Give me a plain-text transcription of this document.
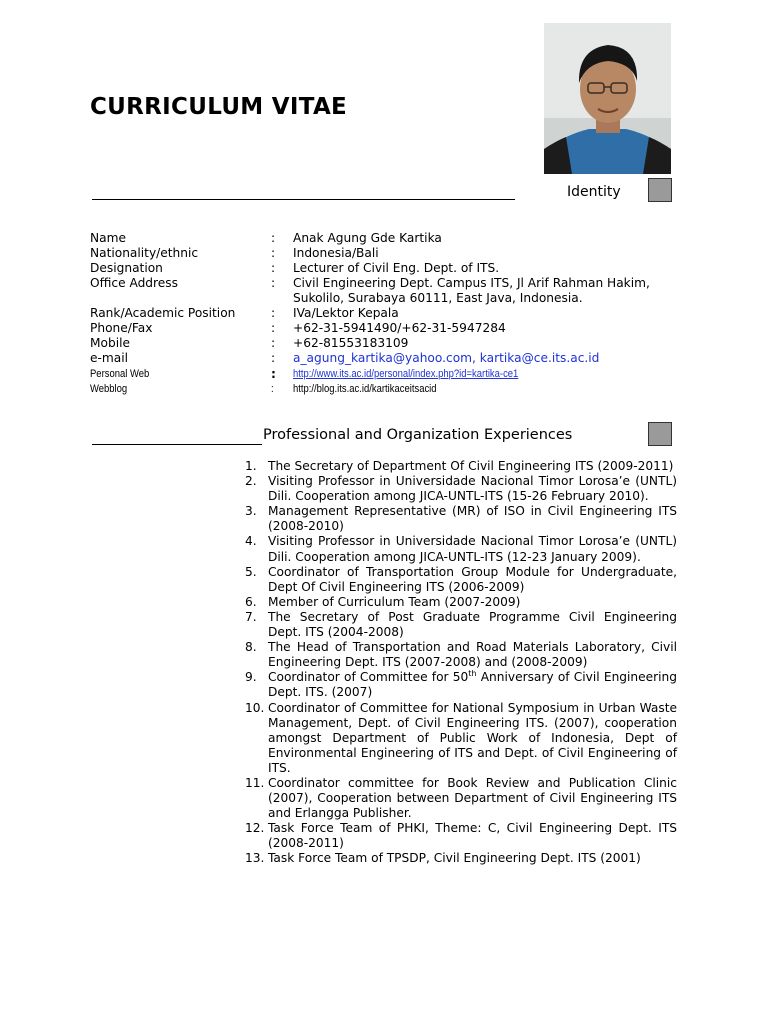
CURRICULUM VITAE
Identity
Name	: Anak Agung Gde Kartika
Nationality/ethnic	: Indonesia/Bali
Designation	: Lecturer of Civil Eng. Dept. of ITS.
Office Address	: Civil Engineering Dept. Campus ITS, Jl Arif Rahman Hakim, Sukolilo, Surabaya 60111, East Java, Indonesia.
Rank/Academic Position	: IVa/Lektor Kepala
Phone/Fax	: +62-31-5941490/+62-31-5947284
Mobile	: +62-81553183109
e-mail	: a_agung_kartika@yahoo.com, kartika@ce.its.ac.id
Personal Web	: http://www.its.ac.id/personal/index.php?id=kartika-ce1
Webblog	: http://blog.its.ac.id/kartikaceitsacid
Professional and Organization Experiences
1. The Secretary of Department Of Civil Engineering ITS (2009-2011)
2. Visiting Professor in Universidade Nacional Timor Lorosa’e (UNTL) Dili. Cooperation among JICA-UNTL-ITS (15-26 February 2010).
3. Management Representative (MR) of ISO in Civil Engineering ITS (2008-2010)
4. Visiting Professor in Universidade Nacional Timor Lorosa’e (UNTL) Dili. Cooperation among JICA-UNTL-ITS (12-23 January 2009).
5. Coordinator of Transportation Group Module for Undergraduate, Dept Of Civil Engineering ITS (2006-2009)
6. Member of Curriculum Team (2007-2009)
7. The Secretary of Post Graduate Programme Civil Engineering Dept. ITS (2004-2008)
8. The Head of Transportation and Road Materials Laboratory, Civil Engineering Dept. ITS (2007-2008) and (2008-2009)
9. Coordinator of Committee for 50th Anniversary of Civil Engineering Dept. ITS. (2007)
10. Coordinator of Committee for National Symposium in Urban Waste Management, Dept. of Civil Engineering ITS. (2007), cooperation amongst Department of Public Work of Indonesia, Dept of Environmental Engineering of ITS and Dept. of Civil Engineering of ITS.
11. Coordinator committee for Book Review and Publication Clinic (2007), Cooperation between Department of Civil Engineering ITS and Erlangga Publisher.
12. Task Force Team of PHKI, Theme: C, Civil Engineering Dept. ITS (2008-2011)
13. Task Force Team of TPSDP, Civil Engineering Dept. ITS (2001)
